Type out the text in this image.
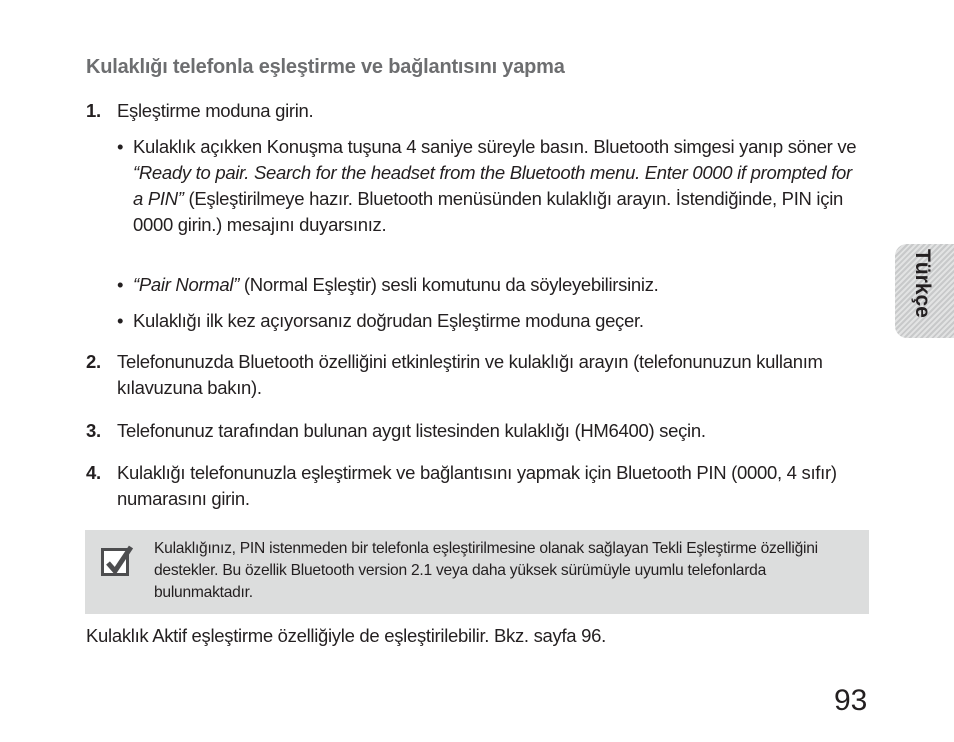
Kulaklığı telefonla eşleştirme ve bağlantısını yapma
1. Eşleştirme moduna girin.
• Kulaklık açıkken Konuşma tuşuna 4 saniye süreyle basın. Bluetooth simgesi yanıp söner ve “Ready to pair. Search for the headset from the Bluetooth menu. Enter 0000 if prompted for a PIN” (Eşleştirilmeye hazır. Bluetooth menüsünden kulaklığı arayın. İstendiğinde, PIN için 0000 girin.) mesajını duyarsınız.
• “Pair Normal” (Normal Eşleştir) sesli komutunu da söyleyebilirsiniz.
• Kulaklığı ilk kez açıyorsanız doğrudan Eşleştirme moduna geçer.
2. Telefonunuzda Bluetooth özelliğini etkinleştirin ve kulaklığı arayın (telefonunuzun kullanım kılavuzuna bakın).
3. Telefonunuz tarafından bulunan aygıt listesinden kulaklığı (HM6400) seçin.
4. Kulaklığı telefonunuzla eşleştirmek ve bağlantısını yapmak için Bluetooth PIN (0000, 4 sıfır) numarasını girin.
Kulaklığınız, PIN istenmeden bir telefonla eşleştirilmesine olanak sağlayan Tekli Eşleştirme özelliğini destekler. Bu özellik Bluetooth version 2.1 veya daha yüksek sürümüyle uyumlu telefonlarda bulunmaktadır.
Kulaklık Aktif eşleştirme özelliğiyle de eşleştirilebilir. Bkz. sayfa 96.
93
Türkçe
